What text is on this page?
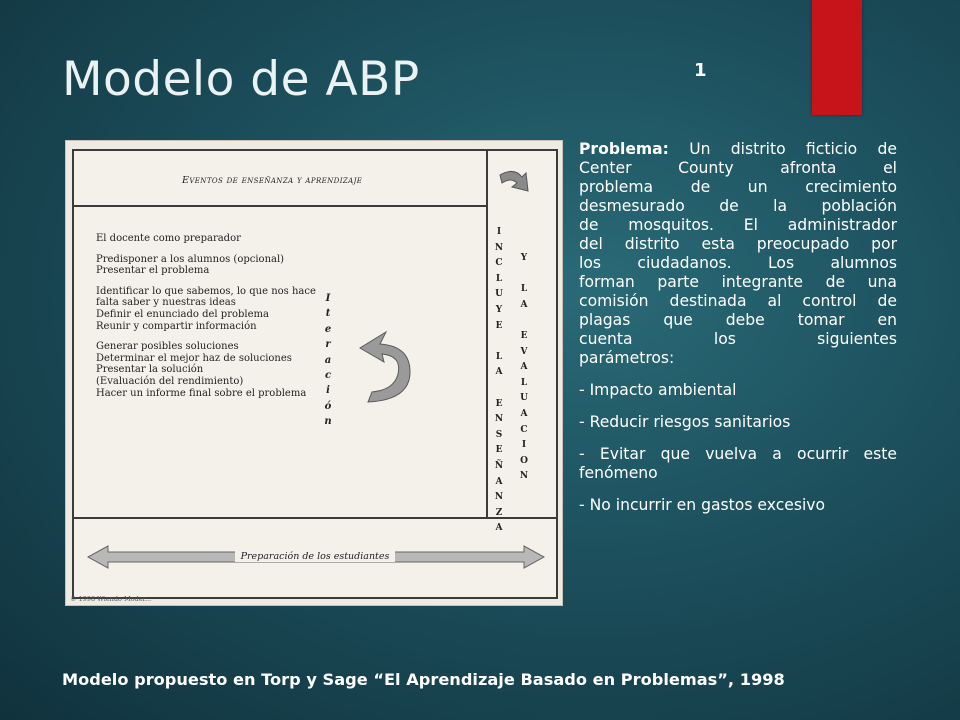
Modelo de ABP	1
Eventos de enseñanza y aprendizaje
El docente como preparador
Predisponer a los alumnos (opcional)
Presentar el problema
Identificar lo que sabemos, lo que nos hace
falta saber y nuestras ideas
Definir el enunciado del problema
Reunir y compartir información
Generar posibles soluciones
Determinar el mejor haz de soluciones
Presentar la solución
(Evaluación del rendimiento)
Hacer un informe final sobre el problema
I
t
e
r
a
c
i
ó
n
I
N
C
L
U
Y
E

L
A

E
N
S
E
Ñ
A
N
Z
A
Y

L
A

E
V
A
L
U
A
C
I
O
N
Preparación de los estudiantes
© 1998 Wiendo Moder...

Problema: Un distrito ficticio de
Center County afronta el
problema de un crecimiento
desmesurado de la población
de mosquitos. El administrador
del distrito esta preocupado por
los ciudadanos. Los alumnos
forman parte integrante de una
comisión destinada al control de
plagas que debe tomar en
cuenta los siguientes
parámetros:

- Impacto ambiental

- Reducir riesgos sanitarios

- Evitar que vuelva a ocurrir este fenómeno

- No incurrir en gastos excesivo

Modelo propuesto en Torp y Sage “El Aprendizaje Basado en Problemas”, 1998
